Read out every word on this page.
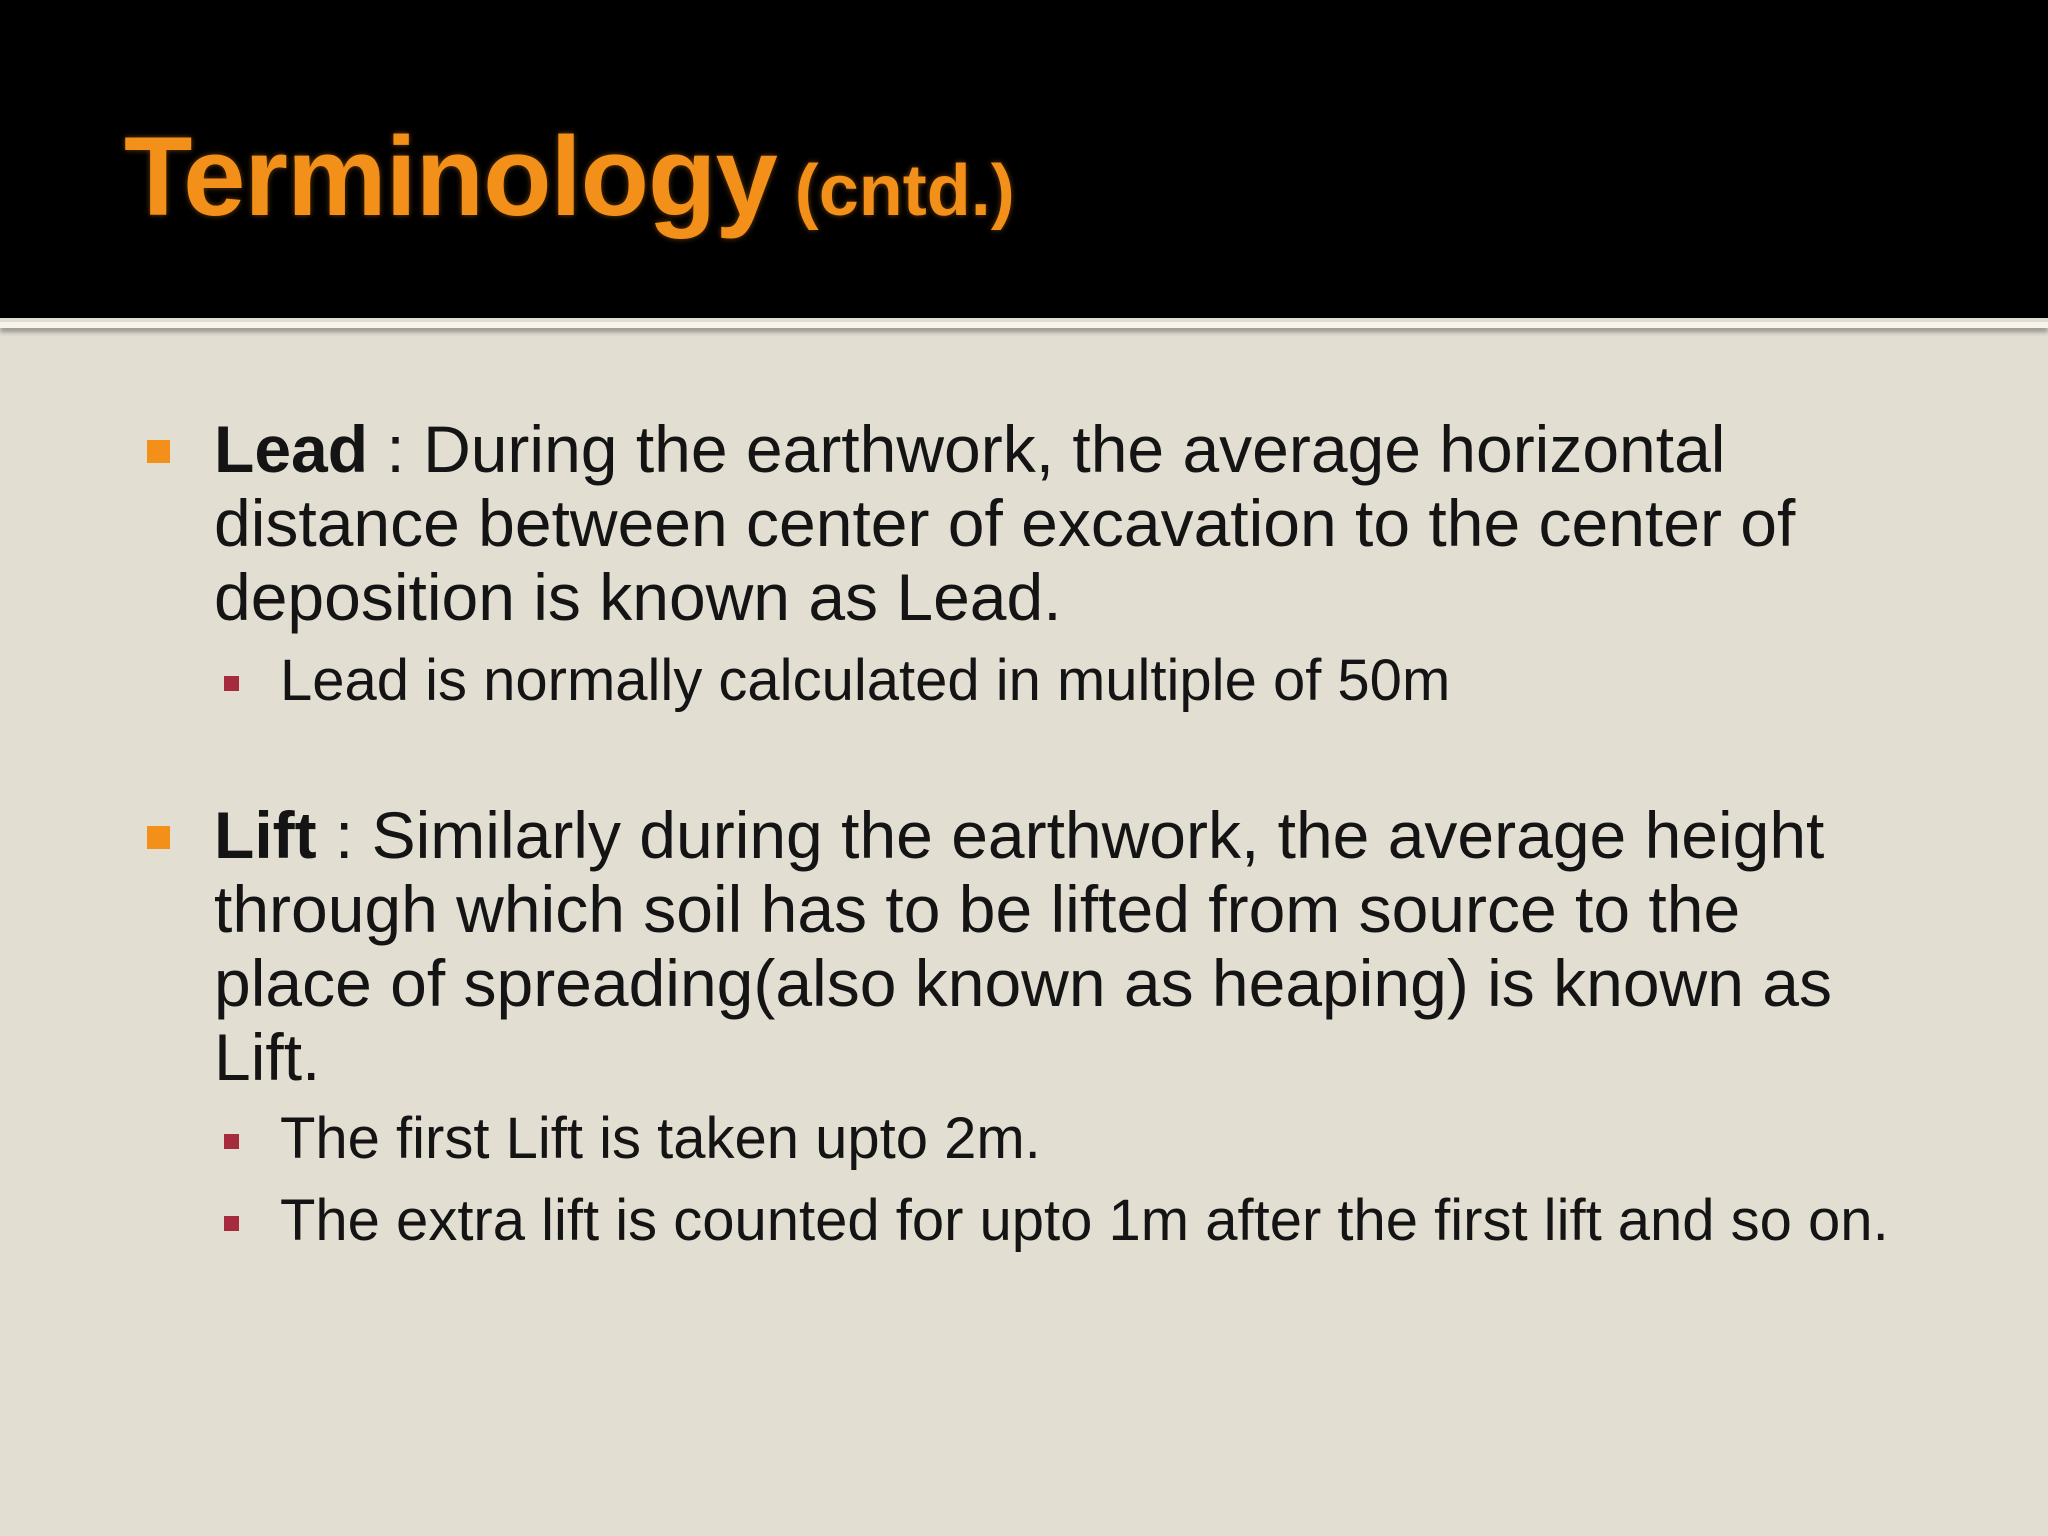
Terminology (cntd.)
Lead : During the earthwork, the average horizontal distance between center of excavation to the center of deposition is known as Lead.
Lead is normally calculated in multiple of 50m
Lift : Similarly during the earthwork, the average height through which soil has to be lifted from source to the place of spreading(also known as heaping) is known as Lift.
The first Lift is taken upto 2m.
The extra lift is counted for upto 1m after the first lift and so on.
